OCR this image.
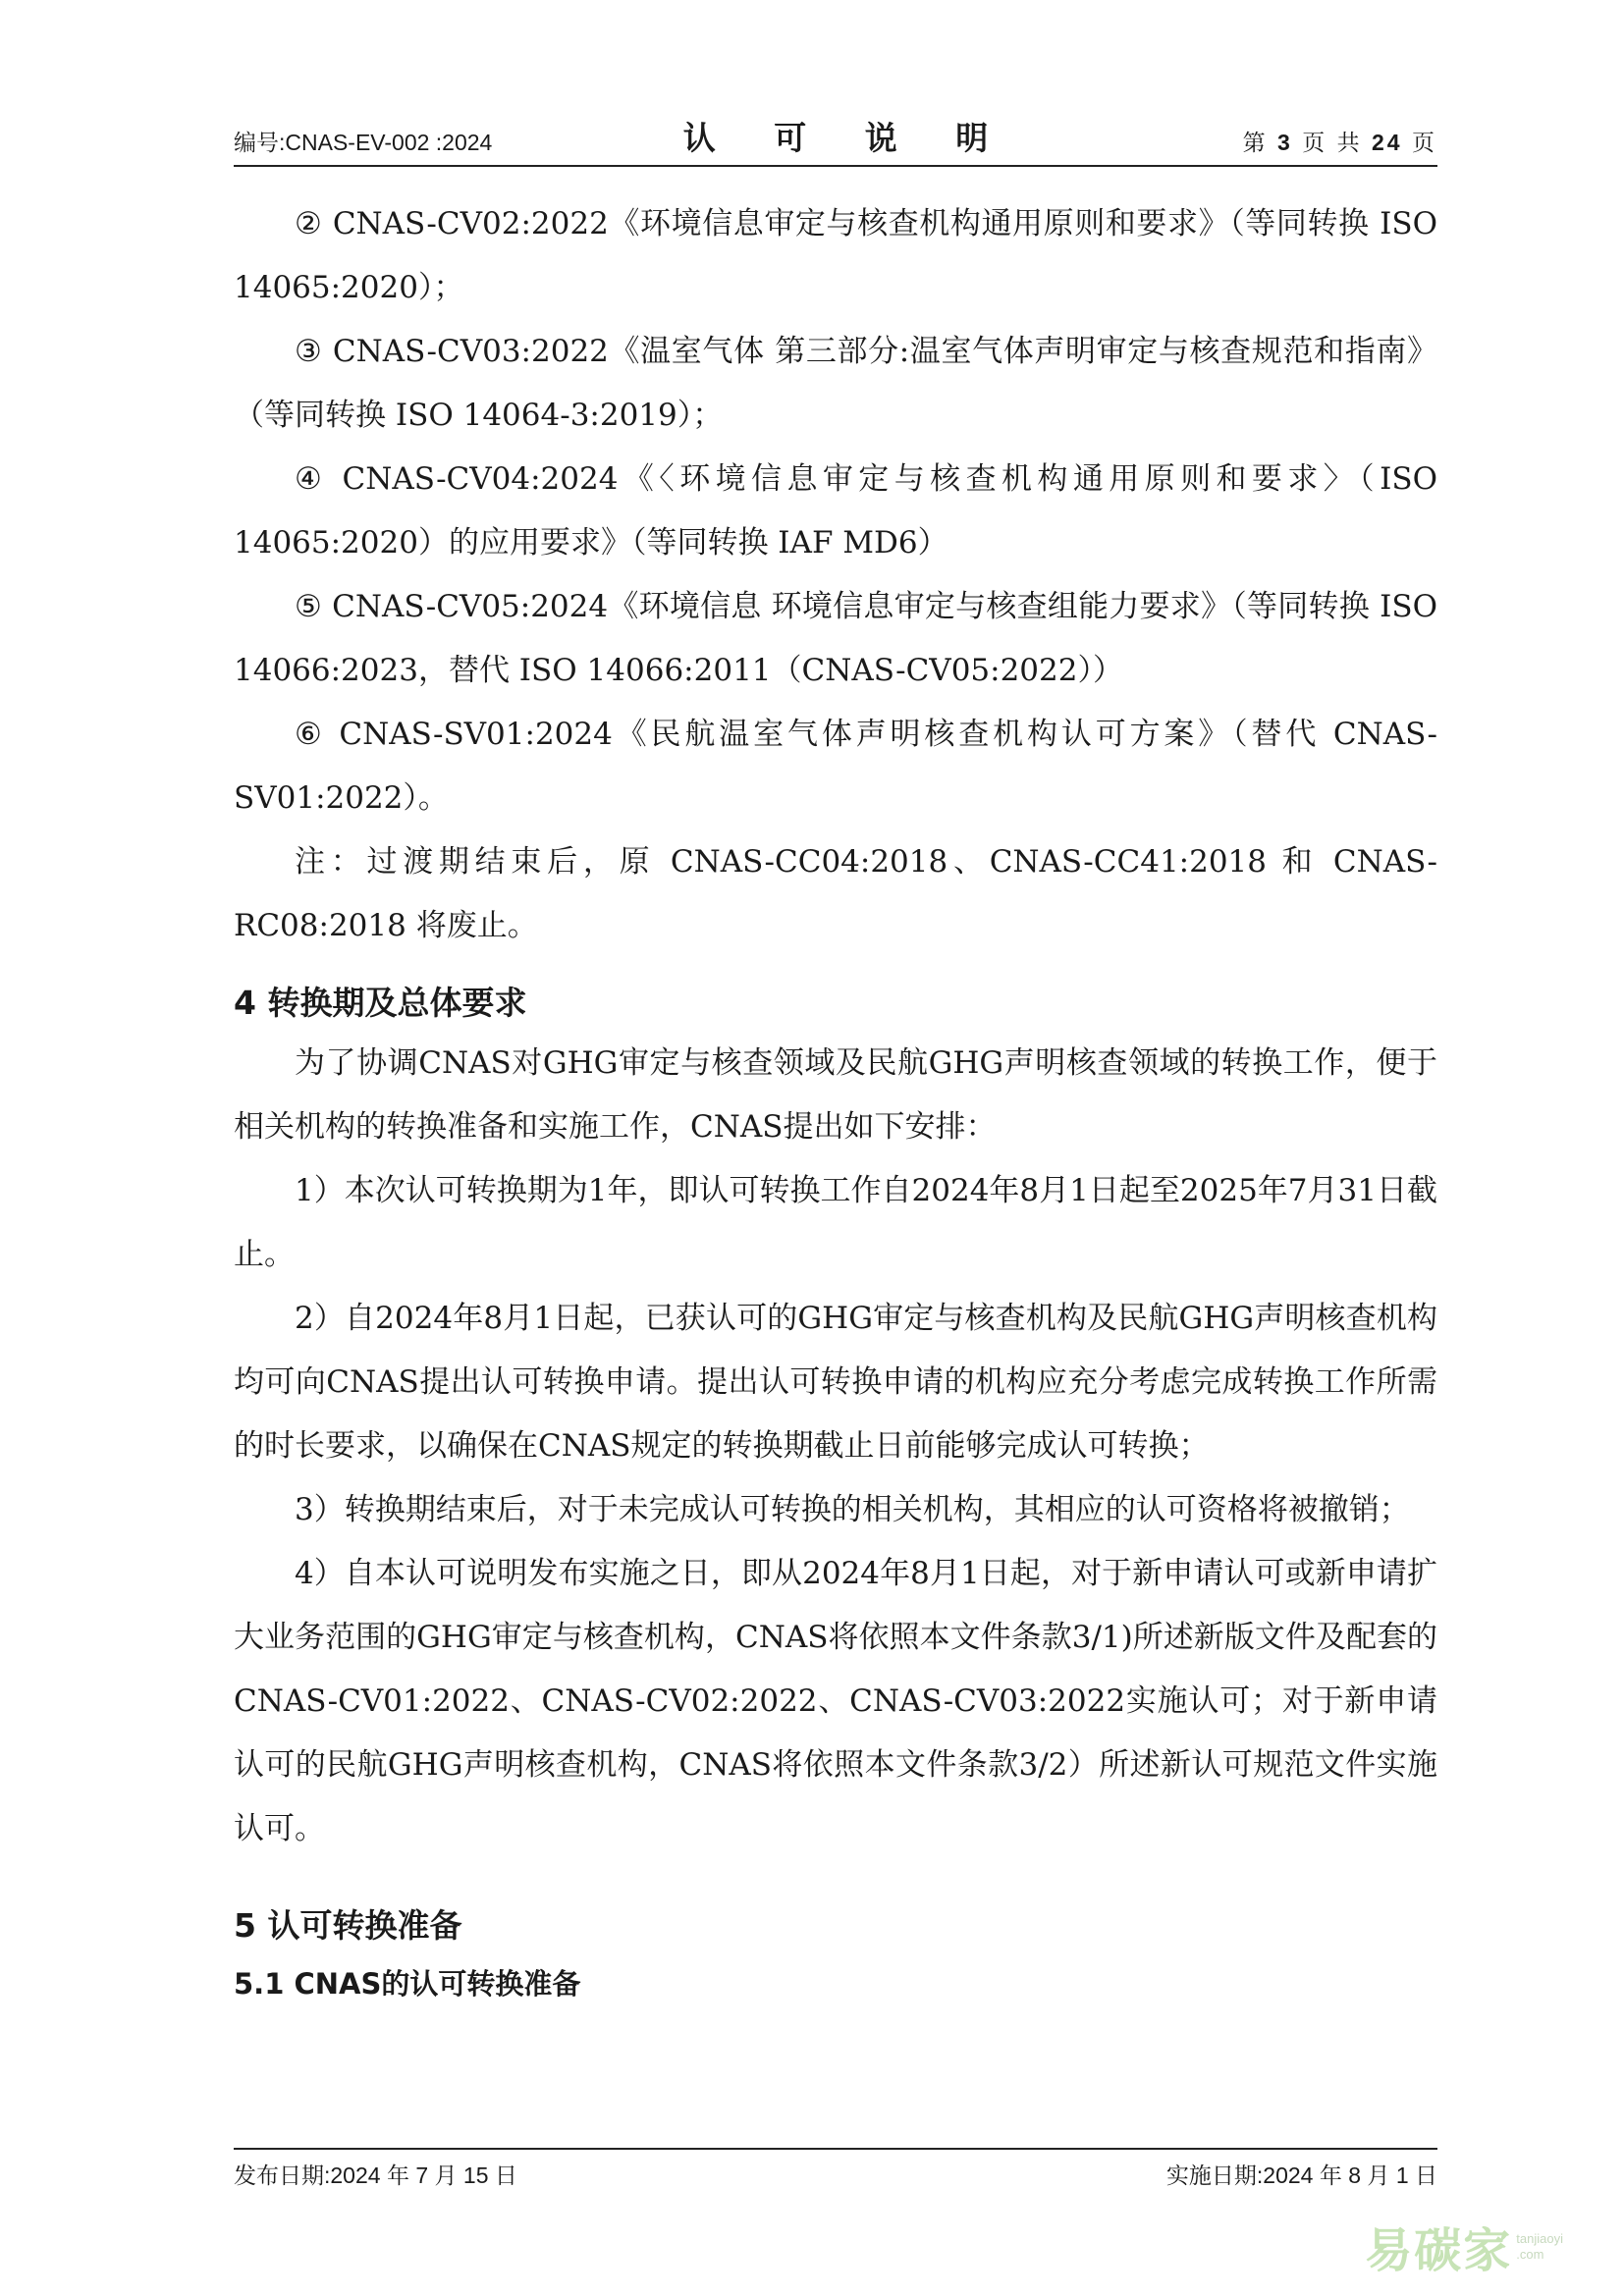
编号:CNAS-EV-002 :2024	认 可 说 明	第 3 页 共 24 页

② CNAS-CV02:2022《环境信息审定与核查机构通用原则和要求》（等同转换 ISO 14065:2020）；

③ CNAS-CV03:2022《温室气体 第三部分:温室气体声明审定与核查规范和指南》（等同转换 ISO 14064-3:2019）；

④ CNAS-CV04:2024《〈环境信息审定与核查机构通用原则和要求〉（ISO 14065:2020）的应用要求》（等同转换 IAF MD6）

⑤ CNAS-CV05:2024《环境信息 环境信息审定与核查组能力要求》（等同转换 ISO 14066:2023，替代 ISO 14066:2011（CNAS-CV05:2022））

⑥ CNAS-SV01:2024《民航温室气体声明核查机构认可方案》（替代 CNAS-SV01:2022）。

注：过渡期结束后，原 CNAS-CC04:2018、CNAS-CC41:2018 和 CNAS-RC08:2018 将废止。

4 转换期及总体要求

为了协调CNAS对GHG审定与核查领域及民航GHG声明核查领域的转换工作，便于相关机构的转换准备和实施工作，CNAS提出如下安排：

1）本次认可转换期为1年，即认可转换工作自2024年8月1日起至2025年7月31日截止。

2）自2024年8月1日起，已获认可的GHG审定与核查机构及民航GHG声明核查机构均可向CNAS提出认可转换申请。提出认可转换申请的机构应充分考虑完成转换工作所需的时长要求，以确保在CNAS规定的转换期截止日前能够完成认可转换；

3）转换期结束后，对于未完成认可转换的相关机构，其相应的认可资格将被撤销；

4）自本认可说明发布实施之日，即从2024年8月1日起，对于新申请认可或新申请扩大业务范围的GHG审定与核查机构，CNAS将依照本文件条款3/1)所述新版文件及配套的CNAS-CV01:2022、CNAS-CV02:2022、CNAS-CV03:2022实施认可；对于新申请认可的民航GHG声明核查机构，CNAS将依照本文件条款3/2）所述新认可规范文件实施认可。

5 认可转换准备
5.1 CNAS的认可转换准备
发布日期:2024 年 7 月 15 日	实施日期:2024 年 8 月 1 日
易碳家 tanjiaoyi
.com
